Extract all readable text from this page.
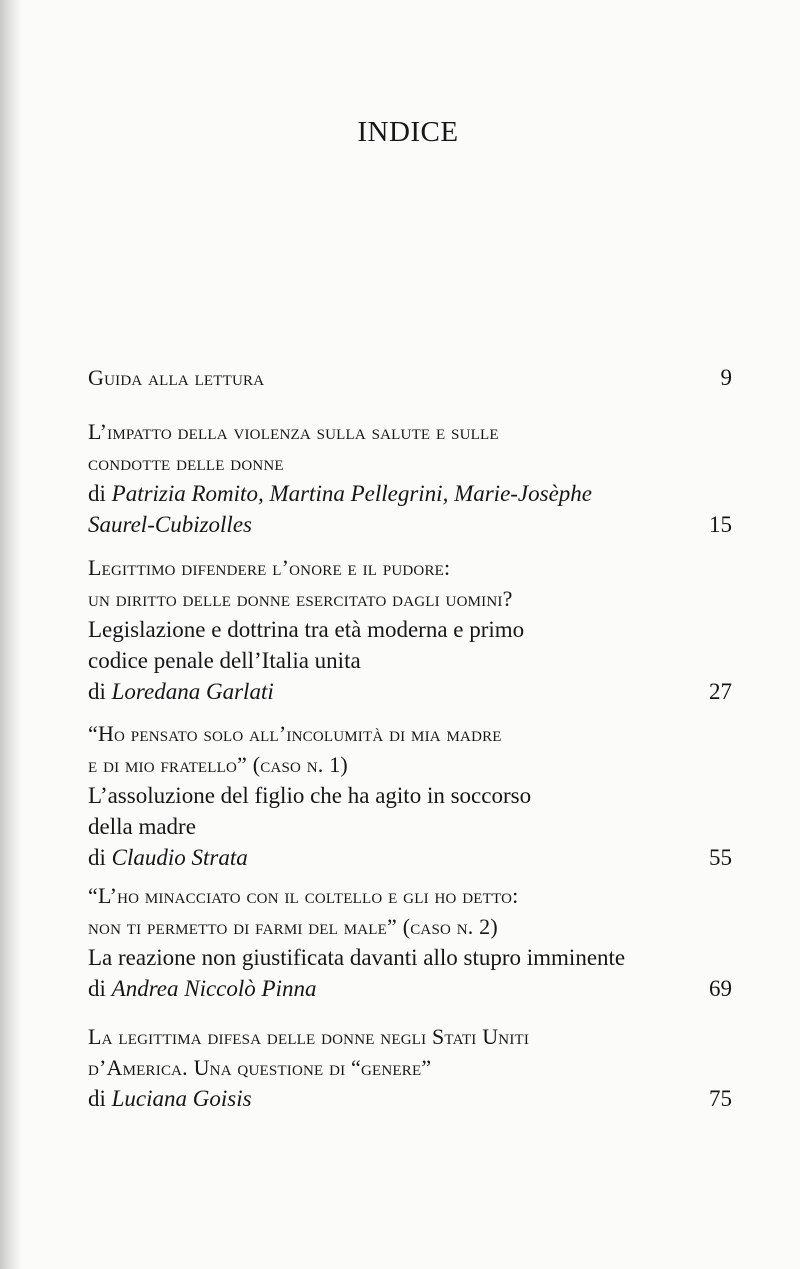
INDICE
Guida alla lettura	9
L’impatto della violenza sulla salute e sulle
condotte delle donne
di Patrizia Romito, Martina Pellegrini, Marie-Josèphe
Saurel-Cubizolles	15
Legittimo difendere l’onore e il pudore:
un diritto delle donne esercitato dagli uomini?
Legislazione e dottrina tra età moderna e primo
codice penale dell’Italia unita
di Loredana Garlati	27
“Ho pensato solo all’incolumità di mia madre
e di mio fratello” (caso n. 1)
L’assoluzione del figlio che ha agito in soccorso
della madre
di Claudio Strata	55
“L’ho minacciato con il coltello e gli ho detto:
non ti permetto di farmi del male” (caso n. 2)
La reazione non giustificata davanti allo stupro imminente
di Andrea Niccolò Pinna	69
La legittima difesa delle donne negli Stati Uniti
d’America. Una questione di “genere”
di Luciana Goisis	75
